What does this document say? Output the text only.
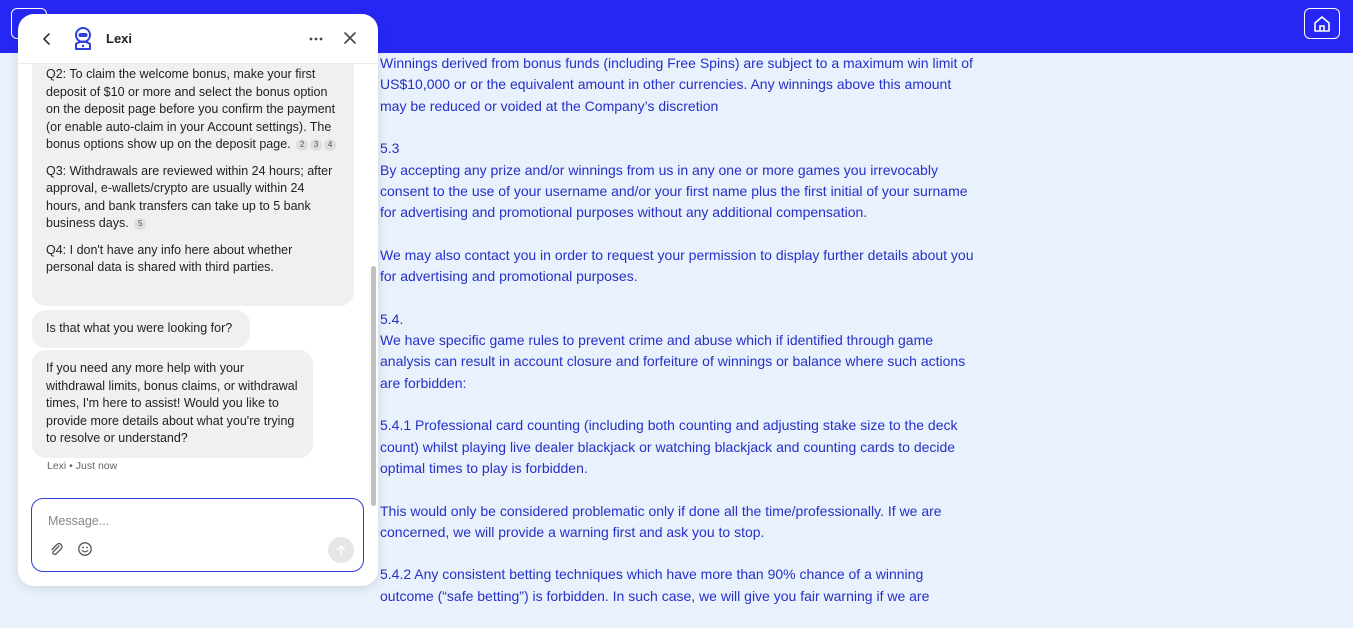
Winnings derived from bonus funds (including Free Spins) are subject to a maximum win limit of US$10,000 or or the equivalent amount in other currencies. Any winnings above this amount may be reduced or voided at the Company’s discretion

5.3
By accepting any prize and/or winnings from us in any one or more games you irrevocably consent to the use of your username and/or your first name plus the first initial of your surname for advertising and promotional purposes without any additional compensation.

We may also contact you in order to request your permission to display further details about you for advertising and promotional purposes.

5.4.
We have specific game rules to prevent crime and abuse which if identified through game analysis can result in account closure and forfeiture of winnings or balance where such actions are forbidden:

5.4.1 Professional card counting (including both counting and adjusting stake size to the deck count) whilst playing live dealer blackjack or watching blackjack and counting cards to decide optimal times to play is forbidden.

This would only be considered problematic only if done all the time/professionally. If we are concerned, we will provide a warning first and ask you to stop.

5.4.2 Any consistent betting techniques which have more than 90% chance of a winning outcome (“safe betting”) is forbidden. In such case, we will give you fair warning if we are

Lexi

Q2: To claim the welcome bonus, make your first deposit of $10 or more and select the bonus option on the deposit page before you confirm the payment (or enable auto-claim in your Account settings). The bonus options show up on the deposit page. 2 3 4

Q3: Withdrawals are reviewed within 24 hours; after approval, e-wallets/crypto are usually within 24 hours, and bank transfers can take up to 5 bank business days. 5

Q4: I don't have any info here about whether personal data is shared with third parties.

Is that what you were looking for?
If you need any more help with your withdrawal limits, bonus claims, or withdrawal times, I'm here to assist! Would you like to provide more details about what you're trying to resolve or understand?
Lexi • Just now
Message...
